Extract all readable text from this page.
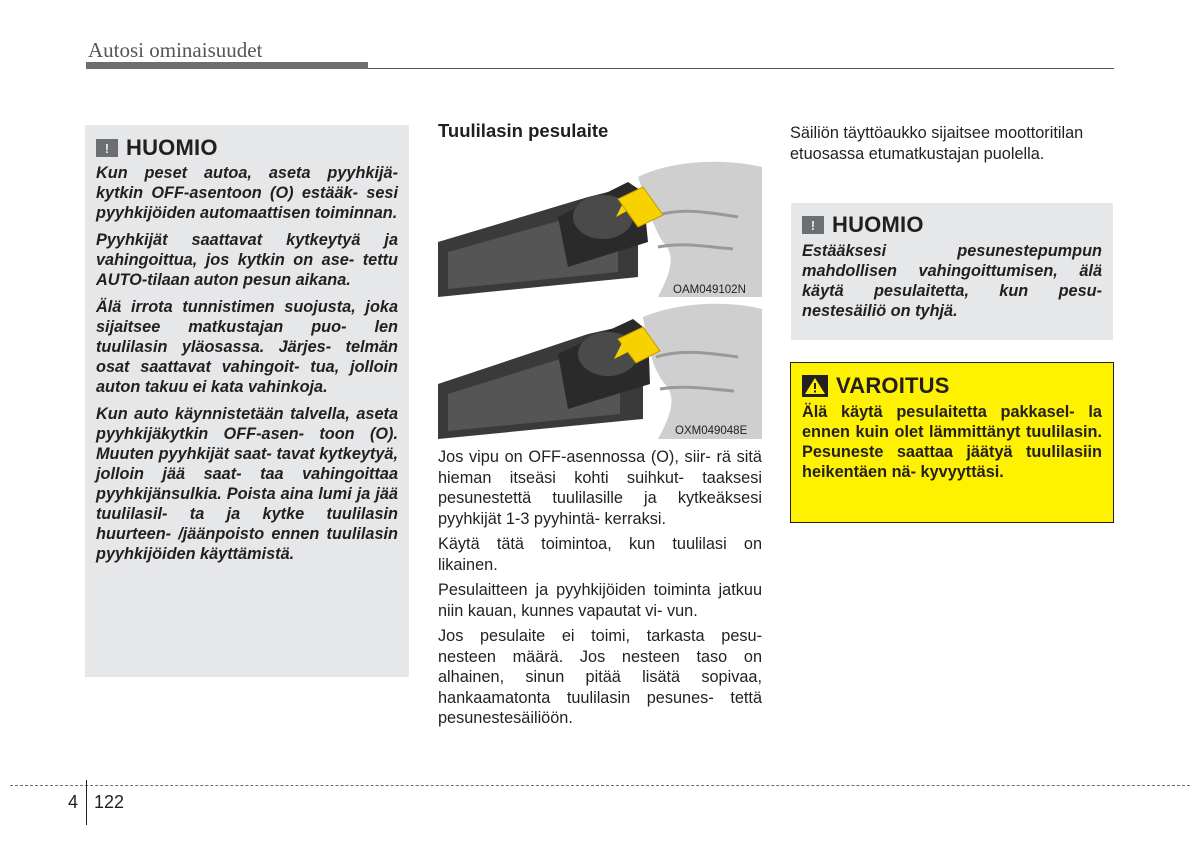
Autosi ominaisuudet
! HUOMIO

Kun peset autoa, aseta pyyhkijä- kytkin OFF-asentoon (O) estääk- sesi pyyhkijöiden automaattisen toiminnan.

Pyyhkijät saattavat kytkeytyä ja vahingoittua, jos kytkin on ase- tettu AUTO-tilaan auton pesun aikana.

Älä irrota tunnistimen suojusta, joka sijaitsee matkustajan puo- len tuulilasin yläosassa. Järjes- telmän osat saattavat vahingoit- tua, jolloin auton takuu ei kata vahinkoja.

Kun auto käynnistetään talvella, aseta pyyhkijäkytkin OFF-asen- toon (O). Muuten pyyhkijät saat- tavat kytkeytyä, jolloin jää saat- taa vahingoittaa pyyhkijänsulkia. Poista aina lumi ja jää tuulilasil- ta ja kytke tuulilasin huurteen- /jäänpoisto ennen tuulilasin pyyhkijöiden käyttämistä.

Tuulilasin pesulaite
OAM049102N
OXM049048E

Jos vipu on OFF-asennossa (O), siir- rä sitä hieman itseäsi kohti suihkut- taaksesi pesunestettä tuulilasille ja kytkeäksesi pyyhkijät 1-3 pyyhintä- kerraksi.

Käytä tätä toimintoa, kun tuulilasi on likainen.

Pesulaitteen ja pyyhkijöiden toiminta jatkuu niin kauan, kunnes vapautat vi- vun.

Jos pesulaite ei toimi, tarkasta pesu- nesteen määrä. Jos nesteen taso on alhainen, sinun pitää lisätä sopivaa, hankaamatonta tuulilasin pesunes- tettä pesunestesäiliöön.

Säiliön täyttöaukko sijaitsee moottoritilan etuosassa etumatkustajan puolella.

! HUOMIO

Estääksesi pesunestepumpun mahdollisen vahingoittumisen, älä käytä pesulaitetta, kun pesu- nestesäiliö on tyhjä.

VAROITUS

Älä käytä pesulaitetta pakkasel- la ennen kuin olet lämmittänyt tuulilasin. Pesuneste saattaa jäätyä tuulilasiin heikentäen nä- kyvyyttäsi.

4 122
